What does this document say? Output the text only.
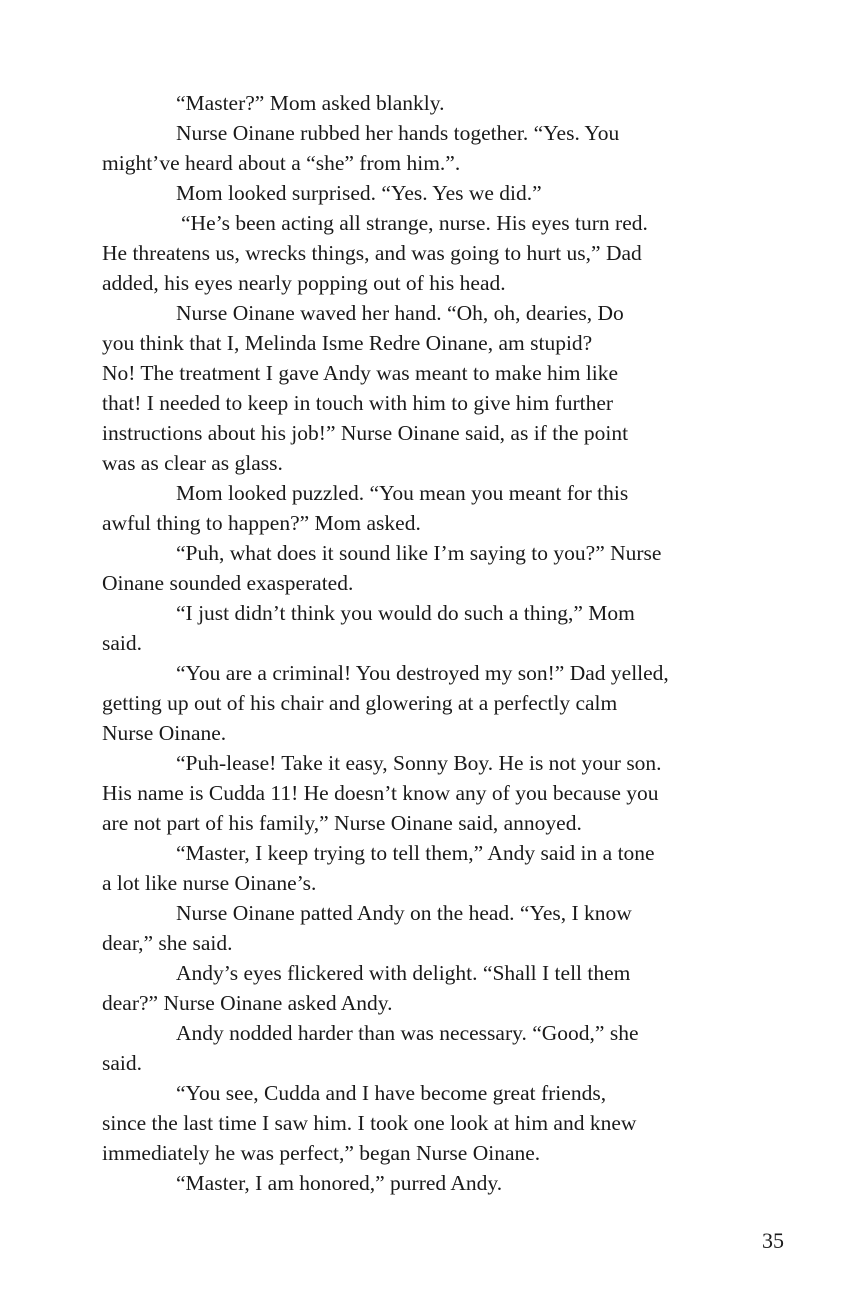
“Master?” Mom asked blankly.
Nurse Oinane rubbed her hands together. “Yes. You
might’ve heard about a “she” from him.”.
Mom looked surprised. “Yes. Yes we did.”
“He’s been acting all strange, nurse. His eyes turn red.
He threatens us, wrecks things, and was going to hurt us,” Dad
added, his eyes nearly popping out of his head.
Nurse Oinane waved her hand. “Oh, oh, dearies, Do
you think that I, Melinda Isme Redre Oinane, am stupid?
No! The treatment I gave Andy was meant to make him like
that! I needed to keep in touch with him to give him further
instructions about his job!” Nurse Oinane said, as if the point
was as clear as glass.
Mom looked puzzled. “You mean you meant for this
awful thing to happen?” Mom asked.
“Puh, what does it sound like I’m saying to you?” Nurse
Oinane sounded exasperated.
“I just didn’t think you would do such a thing,” Mom
said.
“You are a criminal! You destroyed my son!” Dad yelled,
getting up out of his chair and glowering at a perfectly calm
Nurse Oinane.
“Puh-lease! Take it easy, Sonny Boy. He is not your son.
His name is Cudda 11! He doesn’t know any of you because you
are not part of his family,” Nurse Oinane said, annoyed.
“Master, I keep trying to tell them,” Andy said in a tone
a lot like nurse Oinane’s.
Nurse Oinane patted Andy on the head. “Yes, I know
dear,” she said.
Andy’s eyes flickered with delight. “Shall I tell them
dear?” Nurse Oinane asked Andy.
Andy nodded harder than was necessary. “Good,” she
said.
“You see, Cudda and I have become great friends,
since the last time I saw him. I took one look at him and knew
immediately he was perfect,” began Nurse Oinane.
“Master, I am honored,” purred Andy.
35
